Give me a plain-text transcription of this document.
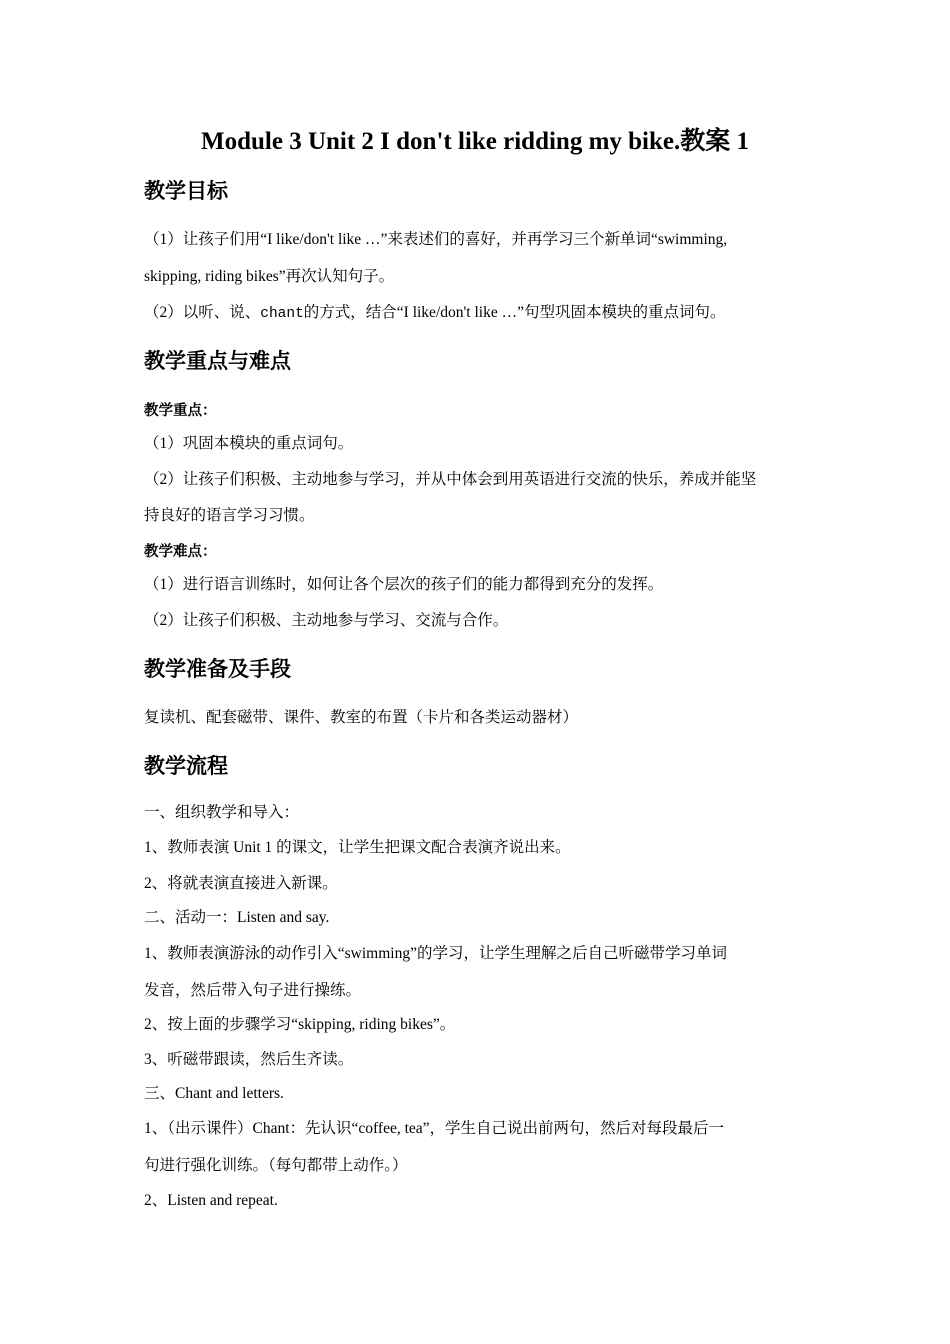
Module 3 Unit 2 I don't like ridding my bike.教案 1
教学目标
（1）让孩子们用“I like/don't like …”来表述们的喜好，并再学习三个新单词“swimming,
skipping, riding bikes”再次认知句子。
（2）以听、说、chant的方式，结合“I like/don't like …”句型巩固本模块的重点词句。
教学重点与难点
教学重点：
（1）巩固本模块的重点词句。
（2）让孩子们积极、主动地参与学习，并从中体会到用英语进行交流的快乐，养成并能坚
持良好的语言学习习惯。
教学难点：
（1）进行语言训练时，如何让各个层次的孩子们的能力都得到充分的发挥。
（2）让孩子们积极、主动地参与学习、交流与合作。
教学准备及手段
复读机、配套磁带、课件、教室的布置（卡片和各类运动器材）
教学流程
一、组织教学和导入：
1、教师表演 Unit 1 的课文，让学生把课文配合表演齐说出来。
2、将就表演直接进入新课。
二、活动一：Listen and say.
1、教师表演游泳的动作引入“swimming”的学习，让学生理解之后自己听磁带学习单词
发音，然后带入句子进行操练。
2、按上面的步骤学习“skipping, riding bikes”。
3、听磁带跟读，然后生齐读。
三、Chant and letters.
1、（出示课件）Chant：先认识“coffee, tea”，学生自己说出前两句，然后对每段最后一
句进行强化训练。（每句都带上动作。）
2、Listen and repeat.
